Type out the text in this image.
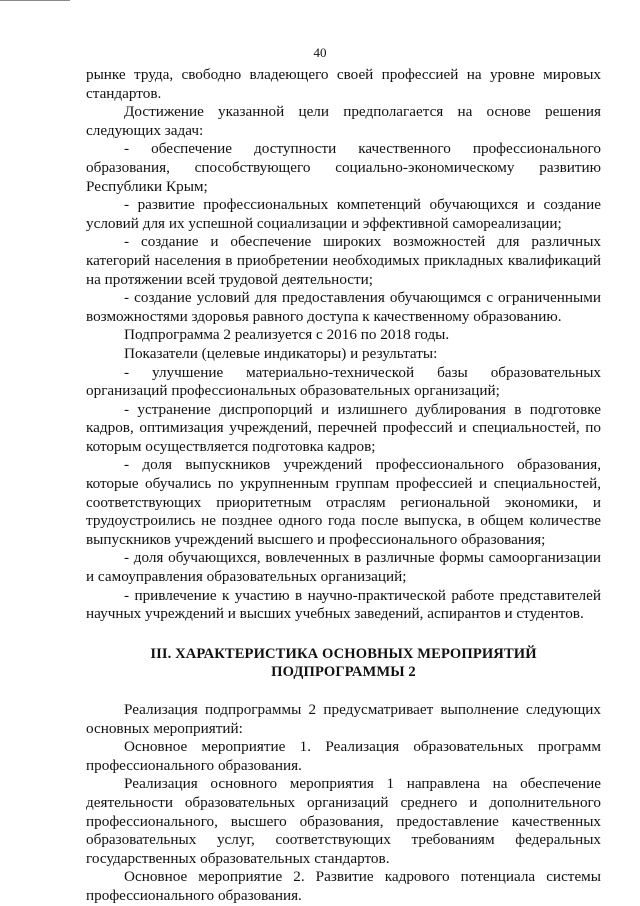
40

рынке труда, свободно владеющего своей профессией на уровне мировых стандартов.

Достижение указанной цели предполагается на основе решения следующих задач:

- обеспечение доступности качественного профессионального образования, способствующего социально-экономическому развитию Республики Крым;

- развитие профессиональных компетенций обучающихся и создание условий для их успешной социализации и эффективной самореализации;

- создание и обеспечение широких возможностей для различных категорий населения в приобретении необходимых прикладных квалификаций на протяжении всей трудовой деятельности;

- создание условий для предоставления обучающимся с ограниченными возможностями здоровья равного доступа к качественному образованию.

Подпрограмма 2 реализуется с 2016 по 2018 годы.

Показатели (целевые индикаторы) и результаты:

- улучшение материально-технической базы образовательных организаций профессиональных образовательных организаций;

- устранение диспропорций и излишнего дублирования в подготовке кадров, оптимизация учреждений, перечней профессий и специальностей, по которым осуществляется подготовка кадров;

- доля выпускников учреждений профессионального образования, которые обучались по укрупненным группам профессией и специальностей, соответствующих приоритетным отраслям региональной экономики, и трудоустроились не позднее одного года после выпуска, в общем количестве выпускников учреждений высшего и профессионального образования;

- доля обучающихся, вовлеченных в различные формы самоорганизации и самоуправления образовательных организаций;

- привлечение к участию в научно-практической работе представителей научных учреждений и высших учебных заведений, аспирантов и студентов.

III. ХАРАКТЕРИСТИКА ОСНОВНЫХ МЕРОПРИЯТИЙ ПОДПРОГРАММЫ 2

Реализация подпрограммы 2 предусматривает выполнение следующих основных мероприятий:

Основное мероприятие 1. Реализация образовательных программ профессионального образования.

Реализация основного мероприятия 1 направлена на обеспечение деятельности образовательных организаций среднего и дополнительного профессионального, высшего образования, предоставление качественных образовательных услуг, соответствующих требованиям федеральных государственных образовательных стандартов.

Основное мероприятие 2. Развитие кадрового потенциала системы профессионального образования.
